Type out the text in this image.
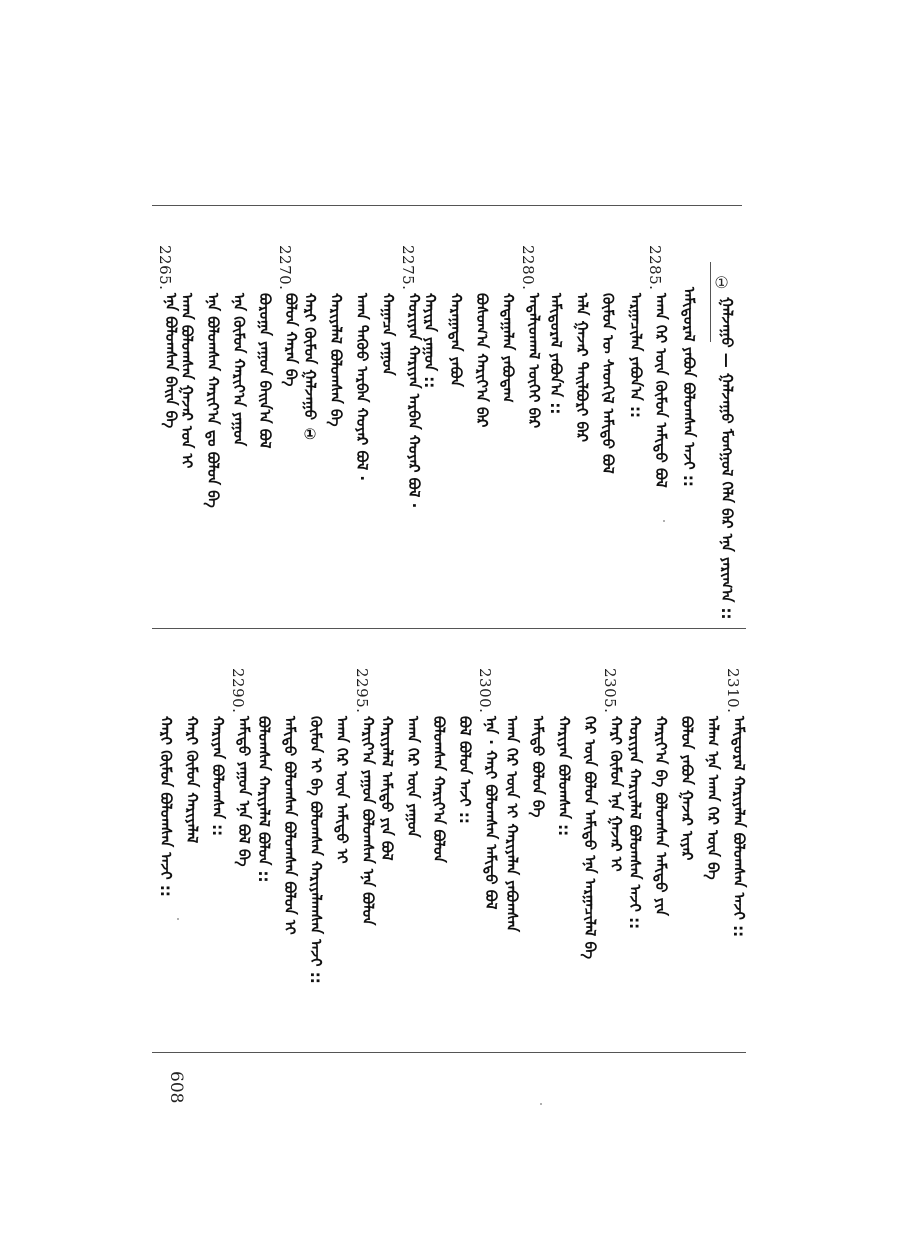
①
ᠭᠠᠯᠵᠠᠭᠤ — ᠭᠠᠯᠵᠠᠭᠤ ᠮᠣᠩᠭᠣᠯ ᠬᠡᠯᠡ ᠪᠡᠷ ᠡᠨᠡ ᠶᠠᠷᠢᠭ᠎ᠠ ::
ᠠᠮᠢᠳᠤᠷᠠᠯ ᠶᠠᠪᠤᠨ ᠪᠣᠯᠤᠭᠰᠠᠨ ᠠᠵᠢ ::
2285.
ᠠᠬᠠ ᠭᠡᠷ ᠦᠨ ᠬᠦᠮᠦᠨ ᠠᠮᠢᠳᠤ ᠪᠣᠯ
ᠠᠷᠭᠠᠴᠢᠯᠠᠨ ᠶᠠᠪᠤᠨ᠎ᠠ ::
ᠬᠦᠮᠦᠨ ᠦ ᠰᠡᠳᠬᠢᠯ ᠠᠮᠢᠳᠤ ᠪᠣᠯ
ᠠᠯᠠ ᠭᠠᠵᠠᠷ ᠲᠠᠢᠯᠪᠤᠷᠢ ᠪᠡᠷ
ᠠᠮᠢᠳᠤᠷᠠᠯ ᠶᠠᠪᠤᠨ᠎ᠠ ::
2280.
ᠠᠳᠠᠯᠢᠳᠬᠠᠯ ᠦᠭᠡᠢ ᠪᠡᠷ
ᠬᠠᠳᠠᠭᠠᠯᠠᠨ ᠶᠠᠪᠤᠳᠠᠭ
ᠪᠣᠰᠤᠭ᠎ᠠ ᠬᠠᠷᠢᠶ᠎ᠠ ᠪᠡᠷ
ᠬᠠᠷᠠᠭᠠᠳᠠᠨ ᠶᠠᠪᠤᠨ
ᠬᠠᠶᠢᠷᠠ ᠶᠠᠭᠤᠨ ::
2275.
ᠬᠣᠷᠢᠶᠠᠨ ᠬᠠᠷᠢᠶᠠᠨ ᠠᠷᠪᠠᠨ ᠬᠣᠶᠠᠷ ᠪᠣᠯ ·
ᠬᠠᠭᠠᠴᠠ ᠶᠠᠭᠤᠨ
ᠠᠬᠠ ᠳᠡᠭᠦᠦ ᠠᠷᠪᠠᠨ ᠬᠣᠶᠠᠷ ᠪᠣᠯ ·
ᠬᠠᠷᠢᠶᠠᠯᠠᠯ ᠪᠣᠯᠤᠭᠰᠠᠨ ᠪᠠ
ᠬᠠᠷᠢ ᠬᠦᠮᠦᠨ ᠭᠠᠯᠵᠠᠭᠤ ①
2270.
ᠪᠣᠯᠤᠨ ᠬᠠᠷᠠᠨ ᠪᠠ
ᠪᠣᠷᠣᠭᠠ ᠶᠠᠭᠤᠨ ᠪᠠᠢᠨ᠎ᠠ ᠪᠣᠯ
ᠡᠨᠡ ᠬᠦᠮᠦᠨ ᠬᠠᠷᠢᠶ᠎ᠠ ᠶᠠᠭᠤᠨ
ᠡᠨᠡ ᠪᠣᠯᠤᠭᠰᠠᠨ ᠬᠠᠷᠢᠶ᠎ᠠ ᠳᠤ ᠪᠣᠯᠤᠨ ᠪᠠ
ᠠᠬᠠ ᠪᠣᠯᠤᠭᠰᠠᠨ ᠭᠠᠵᠠᠷ ᠤᠨ ᠢ
2265.
ᠡᠨᠡ ᠪᠣᠯᠤᠭᠰᠠᠨ ᠪᠠᠢᠨ ᠪᠠ
2310.
ᠠᠮᠢᠳᠤᠷᠠᠯ ᠬᠠᠷᠢᠶᠠᠯᠠᠨ ᠪᠣᠯᠤᠭᠰᠠᠨ ᠠᠵᠢ ::
ᠠᠯᠠᠭ ᠡᠨᠡ ᠠᠬᠠ ᠭᠡᠷ ᠦᠨ ᠪᠠ
ᠪᠣᠯᠤᠨ ᠶᠠᠪᠤᠨ ᠭᠠᠵᠠᠷ ᠢᠶᠠᠷ
ᠬᠠᠷᠢᠶ᠎ᠠ ᠪᠠ ᠪᠣᠯᠤᠭᠰᠠᠨ ᠠᠮᠢᠳᠤ ᠶᠢᠨ
ᠬᠣᠷᠢᠶᠠᠨ ᠬᠠᠷᠢᠶᠠᠯᠠᠯ ᠪᠣᠯᠤᠭᠰᠠᠨ ᠠᠵᠢ ::
2305.
ᠬᠠᠷᠢ ᠬᠦᠮᠦᠨ ᠡᠨᠡ ᠭᠠᠵᠠᠷ ᠢ
ᠭᠡᠷ ᠦᠨ ᠪᠣᠯᠤᠨ ᠠᠮᠢᠳᠤ ᠡᠨᠡ ᠠᠷᠭᠠᠴᠢᠯᠠᠯ ᠪᠠ
ᠬᠠᠷᠢᠶᠠᠨ ᠪᠣᠯᠤᠭᠰᠠᠨ ::
ᠠᠮᠢᠳᠤ ᠪᠣᠯᠤᠨ ᠪᠠ
ᠠᠬᠠ ᠭᠡᠷ ᠦᠨ ᠢ ᠬᠠᠷᠢᠶᠠᠯᠠᠨ ᠶᠠᠪᠤᠭᠰᠠᠨ
2300.
ᠡᠨᠡ · ᠬᠠᠷᠢ ᠪᠣᠯᠤᠭᠰᠠᠨ ᠠᠮᠢᠳᠤ ᠪᠣᠯ
ᠪᠣᠯ ᠪᠣᠯᠤᠨ ᠠᠵᠢ ::
ᠪᠣᠯᠤᠭᠰᠠᠨ ᠬᠠᠷᠢᠶ᠎ᠠ ᠪᠣᠯᠤᠨ
ᠠᠬᠠ ᠭᠡᠷ ᠦᠨ ᠶᠠᠭᠤᠨ
ᠬᠠᠷᠢᠶᠠᠯᠠᠯ ᠠᠮᠢᠳᠤ ᠶᠢᠨ ᠪᠣᠯ
2295.
ᠬᠠᠷᠢᠶ᠎ᠠ ᠶᠠᠭᠤᠨ ᠪᠣᠯᠤᠭᠰᠠᠨ ᠡᠨᠡ ᠪᠣᠯᠤᠨ
ᠠᠬᠠ ᠭᠡᠷ ᠦᠨ ᠠᠮᠢᠳᠤ ᠢ
ᠬᠦᠮᠦᠨ ᠢ ᠪᠠ ᠪᠣᠯᠤᠭᠰᠠᠨ ᠬᠠᠷᠢᠶᠠᠯᠠᠭᠰᠠᠨ ᠠᠵᠢ ::
ᠠᠮᠢᠳᠤ ᠪᠣᠯᠤᠭᠰᠠᠨ ᠪᠣᠯᠤᠭᠰᠠᠨ ᠪᠣᠯᠤᠨ ᠢ
ᠪᠣᠯᠤᠭᠰᠠᠨ ᠬᠠᠷᠢᠶᠠᠯᠠᠯ ᠪᠣᠯᠤᠨ ::
2290.
ᠠᠮᠢᠳᠤ ᠶᠠᠭᠤᠨ ᠡᠨᠡ ᠪᠣᠯ ᠪᠠ
ᠬᠠᠷᠢᠶᠠᠨ ᠪᠣᠯᠤᠭᠰᠠᠨ ::
ᠬᠠᠷᠢ ᠬᠦᠮᠦᠨ ᠬᠠᠷᠢᠶᠠᠯᠠᠯ
ᠬᠠᠷᠢ ᠬᠦᠮᠦᠨ ᠪᠣᠯᠤᠭᠰᠠᠨ ᠠᠵᠢ ::
608
